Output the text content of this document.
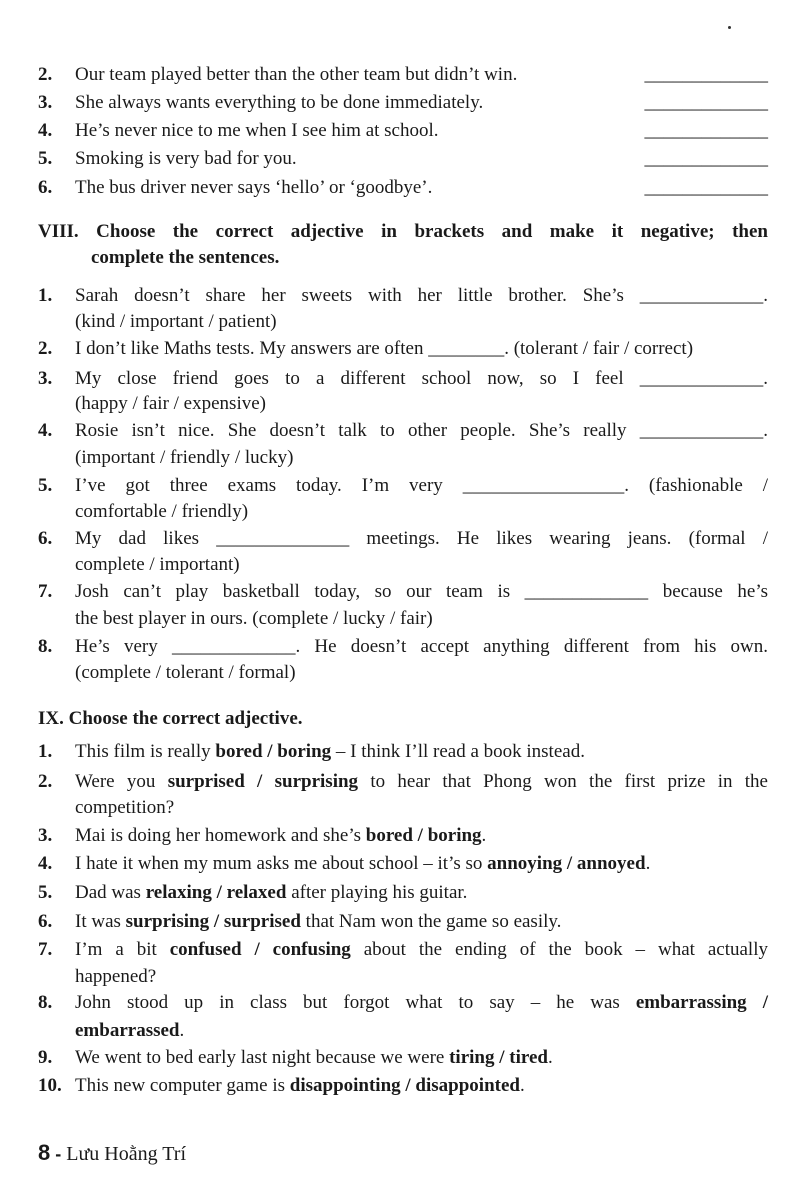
2. Our team played better than the other team but didn’t win.	_____________
3. She always wants everything to be done immediately.	_____________
4. He’s never nice to me when I see him at school.	_____________
5. Smoking is very bad for you.	_____________
6. The bus driver never says ‘hello’ or ‘goodbye’.	_____________
VIII. Choose the correct adjective in brackets and make it negative; then
complete the sentences.
1. Sarah doesn’t share her sweets with her little brother. She’s _____________.
(kind / important / patient)
2. I don’t like Maths tests. My answers are often ________. (tolerant / fair / correct)
3. My close friend goes to a different school now, so I feel _____________.
(happy / fair / expensive)
4. Rosie isn’t nice. She doesn’t talk to other people. She’s really _____________.
(important / friendly / lucky)
5. I’ve got three exams today. I’m very _________________. (fashionable /
comfortable / friendly)
6. My dad likes ______________ meetings. He likes wearing jeans. (formal /
complete / important)
7. Josh can’t play basketball today, so our team is _____________ because he’s
the best player in ours. (complete / lucky / fair)
8. He’s very _____________. He doesn’t accept anything different from his own.
(complete / tolerant / formal)
IX. Choose the correct adjective.
1. This film is really bored / boring – I think I’ll read a book instead.
2. Were you surprised / surprising to hear that Phong won the first prize in the
competition?
3. Mai is doing her homework and she’s bored / boring.
4. I hate it when my mum asks me about school – it’s so annoying / annoyed.
5. Dad was relaxing / relaxed after playing his guitar.
6. It was surprising / surprised that Nam won the game so easily.
7. I’m a bit confused / confusing about the ending of the book – what actually
happened?
8. John stood up in class but forgot what to say – he was embarrassing /
embarrassed.
9. We went to bed early last night because we were tiring / tired.
10. This new computer game is disappointing / disappointed.
8 - Lưu Hoằng Trí
